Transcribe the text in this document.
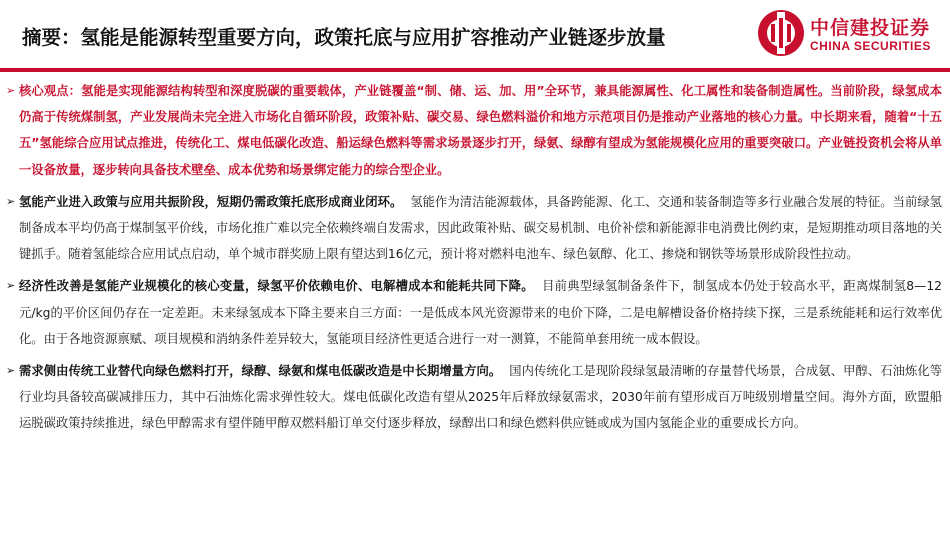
摘要：氢能是能源转型重要方向，政策托底与应用扩容推动产业链逐步放量	中信建投证券
CHINA SECURITIES
➢ 核心观点：氢能是实现能源结构转型和深度脱碳的重要载体，产业链覆盖“制、储、运、加、用”全环节，兼具能源属性、化工属性和装备制造属性。当前阶段，绿氢成本仍高于传统煤制氢，产业发展尚未完全进入市场化自循环阶段，政策补贴、碳交易、绿色燃料溢价和地方示范项目仍是推动产业落地的核心力量。中长期来看，随着“十五五”氢能综合应用试点推进，传统化工、煤电低碳化改造、船运绿色燃料等需求场景逐步打开，绿氨、绿醇有望成为氢能规模化应用的重要突破口。产业链投资机会将从单一设备放量，逐步转向具备技术壁垒、成本优势和场景绑定能力的综合型企业。
➢ 氢能产业进入政策与应用共振阶段，短期仍需政策托底形成商业闭环。 氢能作为清洁能源载体，具备跨能源、化工、交通和装备制造等多行业融合发展的特征。当前绿氢制备成本平均仍高于煤制氢平价线，市场化推广难以完全依赖终端自发需求，因此政策补贴、碳交易机制、电价补偿和新能源非电消费比例约束，是短期推动项目落地的关键抓手。随着氢能综合应用试点启动，单个城市群奖励上限有望达到16亿元，预计将对燃料电池车、绿色氨醇、化工、掺烧和钢铁等场景形成阶段性拉动。
➢ 经济性改善是氢能产业规模化的核心变量，绿氢平价依赖电价、电解槽成本和能耗共同下降。 目前典型绿氢制备条件下，制氢成本仍处于较高水平，距离煤制氢8—12元/kg的平价区间仍存在一定差距。未来绿氢成本下降主要来自三方面：一是低成本风光资源带来的电价下降，二是电解槽设备价格持续下探，三是系统能耗和运行效率优化。由于各地资源禀赋、项目规模和消纳条件差异较大，氢能项目经济性更适合进行一对一测算，不能简单套用统一成本假设。
➢ 需求侧由传统工业替代向绿色燃料打开，绿醇、绿氨和煤电低碳改造是中长期增量方向。 国内传统化工是现阶段绿氢最清晰的存量替代场景，合成氨、甲醇、石油炼化等行业均具备较高碳减排压力，其中石油炼化需求弹性较大。煤电低碳化改造有望从2025年后释放绿氨需求，2030年前有望形成百万吨级别增量空间。海外方面，欧盟船运脱碳政策持续推进，绿色甲醇需求有望伴随甲醇双燃料船订单交付逐步释放，绿醇出口和绿色燃料供应链或成为国内氢能企业的重要成长方向。
